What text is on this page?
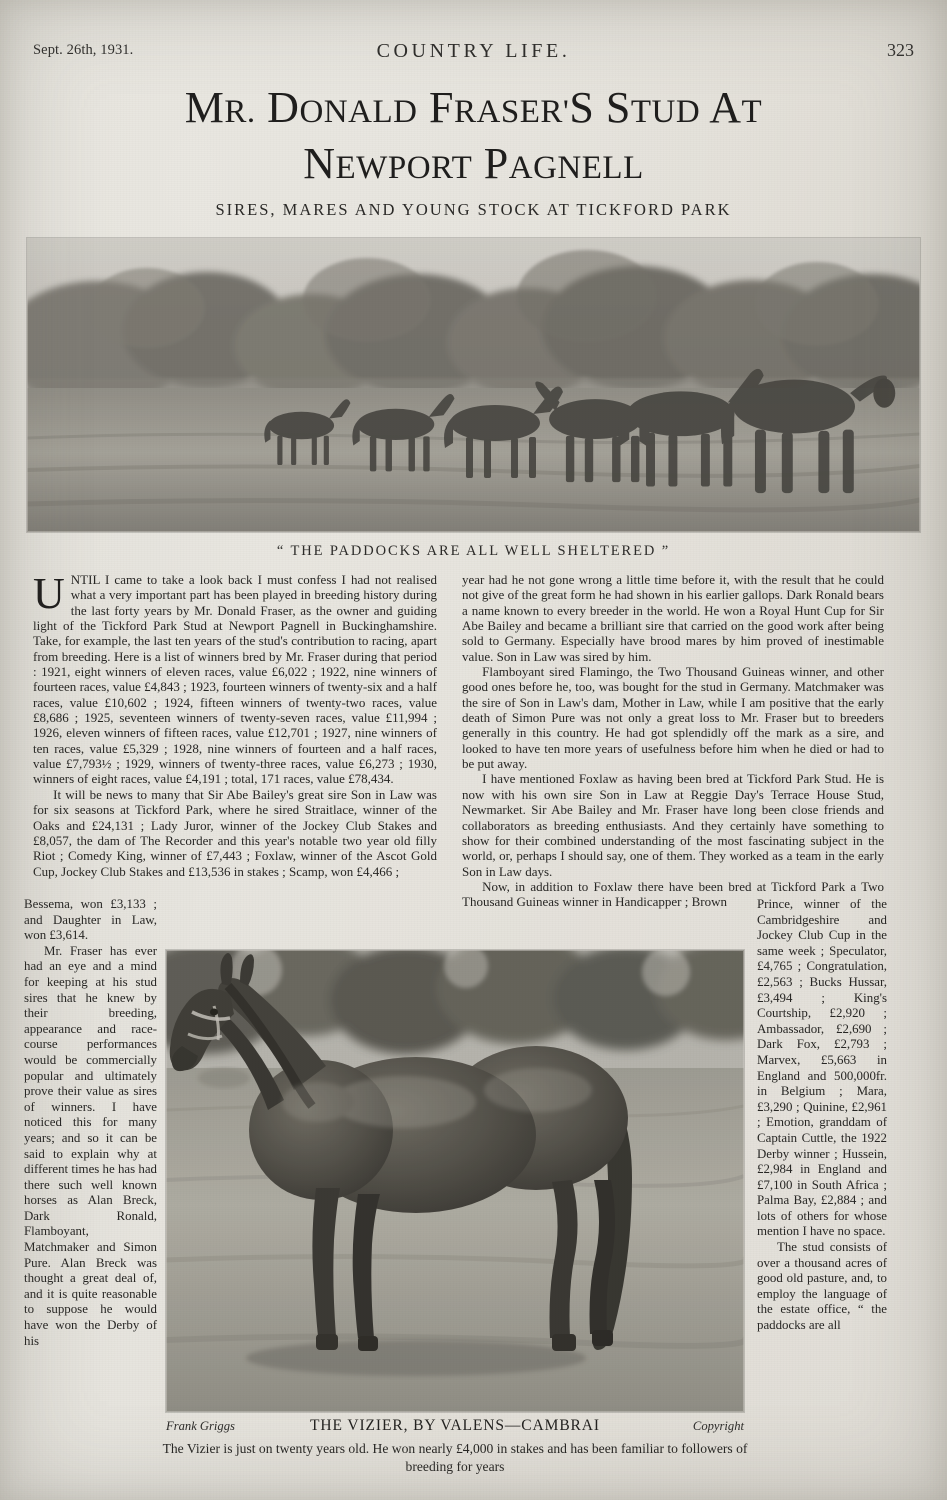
Sept. 26th, 1931.	COUNTRY LIFE.	323
MR. DONALD FRASER'S STUD AT
NEWPORT PAGNELL
SIRES, MARES AND YOUNG STOCK AT TICKFORD PARK
“ THE PADDOCKS ARE ALL WELL SHELTERED ”

UNTIL I came to take a look back I must confess I had not realised what a very important part has been played in breeding history during the last forty years by Mr. Donald Fraser, as the owner and guiding light of the Tickford Park Stud at Newport Pagnell in Buckinghamshire. Take, for example, the last ten years of the stud's contribution to racing, apart from breeding. Here is a list of winners bred by Mr. Fraser during that period : 1921, eight winners of eleven races, value £6,022 ; 1922, nine winners of fourteen races, value £4,843 ; 1923, fourteen winners of twenty-six and a half races, value £10,602 ; 1924, fifteen winners of twenty-two races, value £8,686 ; 1925, seventeen winners of twenty-seven races, value £11,994 ; 1926, eleven winners of fifteen races, value £12,701 ; 1927, nine winners of ten races, value £5,329 ; 1928, nine winners of fourteen and a half races, value £7,793½ ; 1929, winners of twenty-three races, value £6,273 ; 1930, winners of eight races, value £4,191 ; total, 171 races, value £78,434.

It will be news to many that Sir Abe Bailey's great sire Son in Law was for six seasons at Tickford Park, where he sired Straitlace, winner of the Oaks and £24,131 ; Lady Juror, winner of the Jockey Club Stakes and £8,057, the dam of The Recorder and this year's notable two year old filly Riot ; Comedy King, winner of £7,443 ; Foxlaw, winner of the Ascot Gold Cup, Jockey Club Stakes and £13,536 in stakes ; Scamp, won £4,466 ;

year had he not gone wrong a little time before it, with the result that he could not give of the great form he had shown in his earlier gallops. Dark Ronald bears a name known to every breeder in the world. He won a Royal Hunt Cup for Sir Abe Bailey and became a brilliant sire that carried on the good work after being sold to Germany. Especially have brood mares by him proved of inestimable value. Son in Law was sired by him.

Flamboyant sired Flamingo, the Two Thousand Guineas winner, and other good ones before he, too, was bought for the stud in Germany. Matchmaker was the sire of Son in Law's dam, Mother in Law, while I am positive that the early death of Simon Pure was not only a great loss to Mr. Fraser but to breeders generally in this country. He had got splendidly off the mark as a sire, and looked to have ten more years of usefulness before him when he died or had to be put away.

I have mentioned Foxlaw as having been bred at Tickford Park Stud. He is now with his own sire Son in Law at Reggie Day's Terrace House Stud, Newmarket. Sir Abe Bailey and Mr. Fraser have long been close friends and collaborators as breeding enthusiasts. And they certainly have something to show for their combined understanding of the most fascinating subject in the world, or, perhaps I should say, one of them. They worked as a team in the early Son in Law days.

Now, in addition to Foxlaw there have been bred at Tickford Park a Two Thousand Guineas winner in Handicapper ; Brown

Bessema, won £3,133 ; and Daughter in Law, won £3,614.

Mr. Fraser has ever had an eye and a mind for keeping at his stud sires that he knew by their breeding, appearance and race-course performances would be commercially popular and ultimately prove their value as sires of winners. I have noticed this for many years; and so it can be said to explain why at different times he has had there such well known horses as Alan Breck, Dark Ronald, Flamboyant, Matchmaker and Simon Pure. Alan Breck was thought a great deal of, and it is quite reasonable to suppose he would have won the Derby of his

Prince, winner of the Cambridgeshire and Jockey Club Cup in the same week ; Speculator, £4,765 ; Congratulation, £2,563 ; Bucks Hussar, £3,494 ; King's Courtship, £2,920 ; Ambassador, £2,690 ; Dark Fox, £2,793 ; Marvex, £5,663 in England and 500,000fr. in Belgium ; Mara, £3,290 ; Quinine, £2,961 ; Emotion, granddam of Captain Cuttle, the 1922 Derby winner ; Hussein, £2,984 in England and £7,100 in South Africa ; Palma Bay, £2,884 ; and lots of others for whose mention I have no space.

The stud consists of over a thousand acres of good old pasture, and, to employ the language of the estate office, “ the paddocks are all

Frank Griggs	THE VIZIER, BY VALENS—CAMBRAI	Copyright
The Vizier is just on twenty years old. He won nearly £4,000 in stakes and has been familiar to followers of breeding for years
